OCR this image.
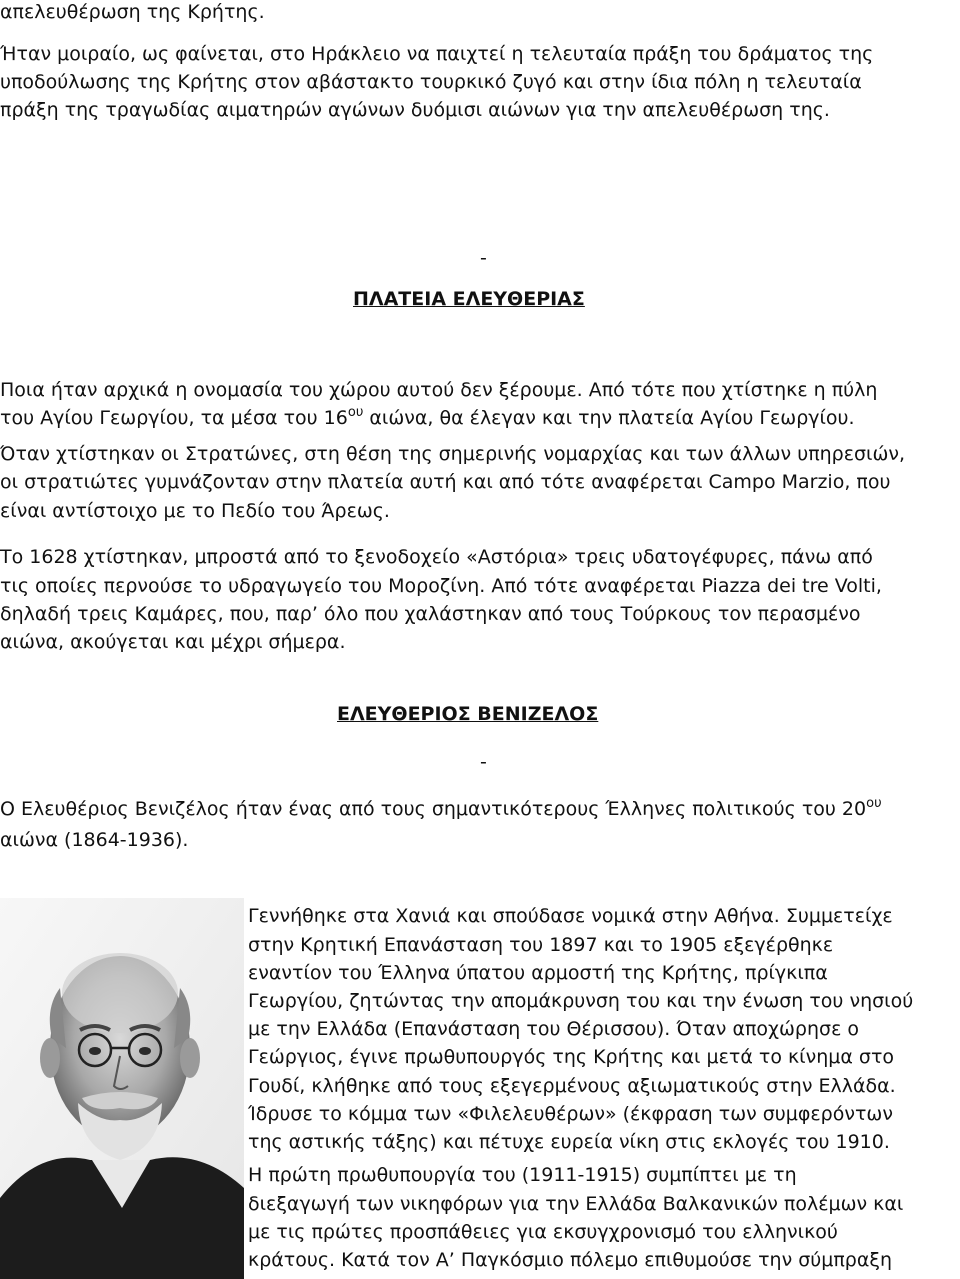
απελευθέρωση της Κρήτης.
Ήταν μοιραίο, ως φαίνεται, στο Ηράκλειο να παιχτεί η τελευταία πράξη του δράματος της
υποδούλωσης της Κρήτης στον αβάστακτο τουρκικό ζυγό και στην ίδια πόλη η τελευταία
πράξη της τραγωδίας αιματηρών αγώνων δυόμισι αιώνων για την απελευθέρωση της.
-
ΠΛΑΤΕΙΑ ΕΛΕΥΘΕΡΙΑΣ
Ποια ήταν αρχικά η ονομασία του χώρου αυτού δεν ξέρουμε. Από τότε που χτίστηκε η πύλη
του Αγίου Γεωργίου, τα μέσα του $16^{o\upsilon}$ αιώνα, θα έλεγαν και την πλατεία Αγίου Γεωργίου.
Όταν χτίστηκαν οι Στρατώνες, στη θέση της σημερινής νομαρχίας και των άλλων υπηρεσιών,
οι στρατιώτες γυμνάζονταν στην πλατεία αυτή και από τότε αναφέρεται Campo Marzio, που
είναι αντίστοιχο με το Πεδίο του Άρεως.
Το 1628 χτίστηκαν, μπροστά από το ξενοδοχείο «Αστόρια» τρεις υδατογέφυρες, πάνω από
τις οποίες περνούσε το υδραγωγείο του Μοροζίνη. Από τότε αναφέρεται Piazza dei tre Volti,
δηλαδή τρεις Καμάρες, που, παρ’ όλο που χαλάστηκαν από τους Τούρκους τον περασμένο
αιώνα, ακούγεται και μέχρι σήμερα.
ΕΛΕΥΘΕΡΙΟΣ ΒΕΝΙΖΕΛΟΣ
-
Ο Ελευθέριος Βενιζέλος ήταν ένας από τους σημαντικότερους Έλληνες πολιτικούς του $20^{o\upsilon}$
αιώνα (1864-1936).
Γεννήθηκε στα Χανιά και σπούδασε νομικά στην Αθήνα. Συμμετείχε
στην Κρητική Επανάσταση του 1897 και το 1905 εξεγέρθηκε
εναντίον του Έλληνα ύπατου αρμοστή της Κρήτης, πρίγκιπα
Γεωργίου, ζητώντας την απομάκρυνση του και την ένωση του νησιού
με την Ελλάδα (Επανάσταση του Θέρισσου). Όταν αποχώρησε ο
Γεώργιος, έγινε πρωθυπουργός της Κρήτης και μετά το κίνημα στο
Γουδί, κλήθηκε από τους εξεγερμένους αξιωματικούς στην Ελλάδα.
Ίδρυσε το κόμμα των «Φιλελευθέρων» (έκφραση των συμφερόντων
της αστικής τάξης) και πέτυχε ευρεία νίκη στις εκλογές του 1910.
Η πρώτη πρωθυπουργία του (1911-1915) συμπίπτει με τη
διεξαγωγή των νικηφόρων για την Ελλάδα Βαλκανικών πολέμων και
με τις πρώτες προσπάθειες για εκσυγχρονισμό του ελληνικού
κράτους. Κατά τον Α’ Παγκόσμιο πόλεμο επιθυμούσε την σύμπραξη
